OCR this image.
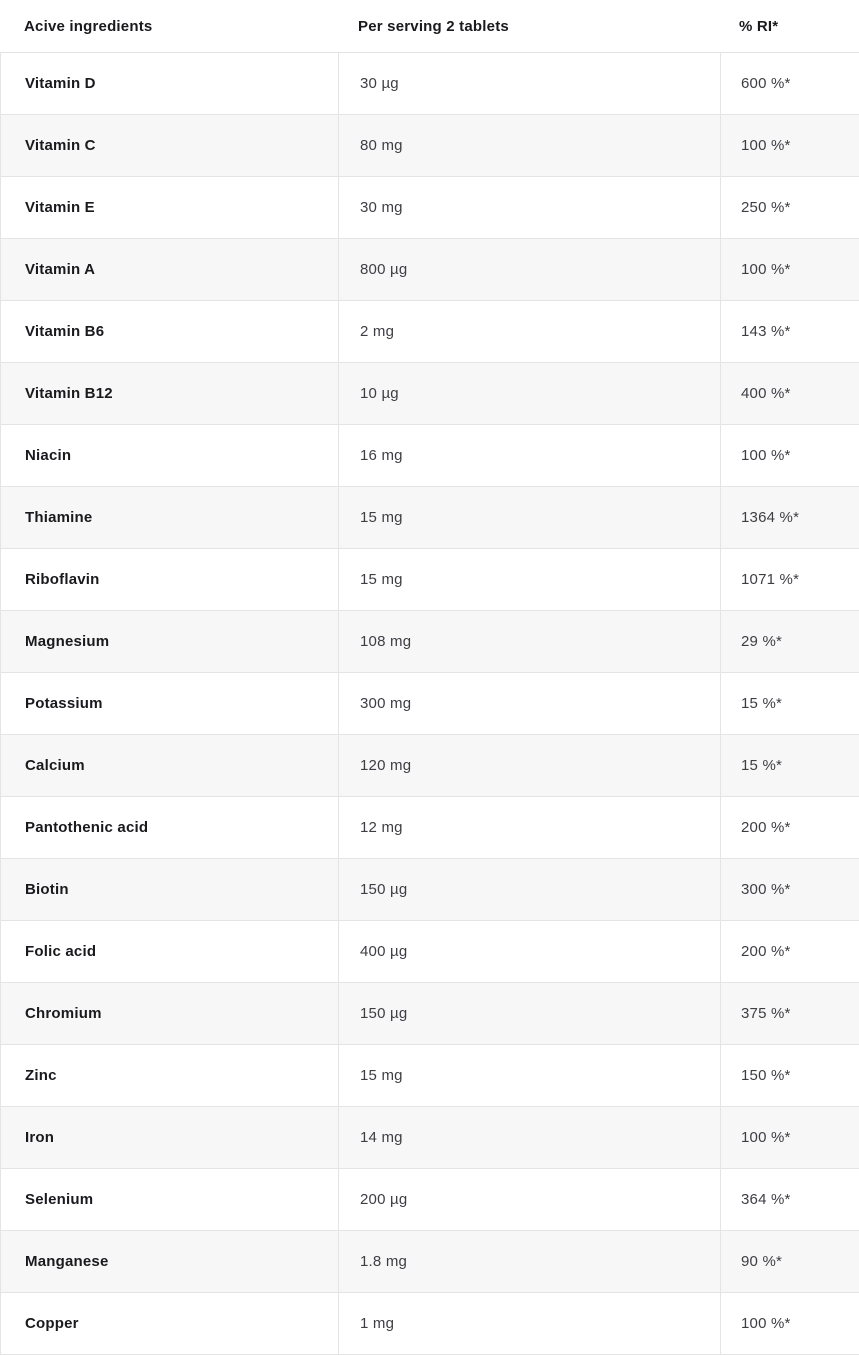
Acive ingredients	Per serving 2 tablets	% RI*
Vitamin D	30 µg	600 %*
Vitamin C	80 mg	100 %*
Vitamin E	30 mg	250 %*
Vitamin A	800 µg	100 %*
Vitamin B6	2 mg	143 %*
Vitamin B12	10 µg	400 %*
Niacin	16 mg	100 %*
Thiamine	15 mg	1364 %*
Riboflavin	15 mg	1071 %*
Magnesium	108 mg	29 %*
Potassium	300 mg	15 %*
Calcium	120 mg	15 %*
Pantothenic acid	12 mg	200 %*
Biotin	150 µg	300 %*
Folic acid	400 µg	200 %*
Chromium	150 µg	375 %*
Zinc	15 mg	150 %*
Iron	14 mg	100 %*
Selenium	200 µg	364 %*
Manganese	1.8 mg	90 %*
Copper	1 mg	100 %*
